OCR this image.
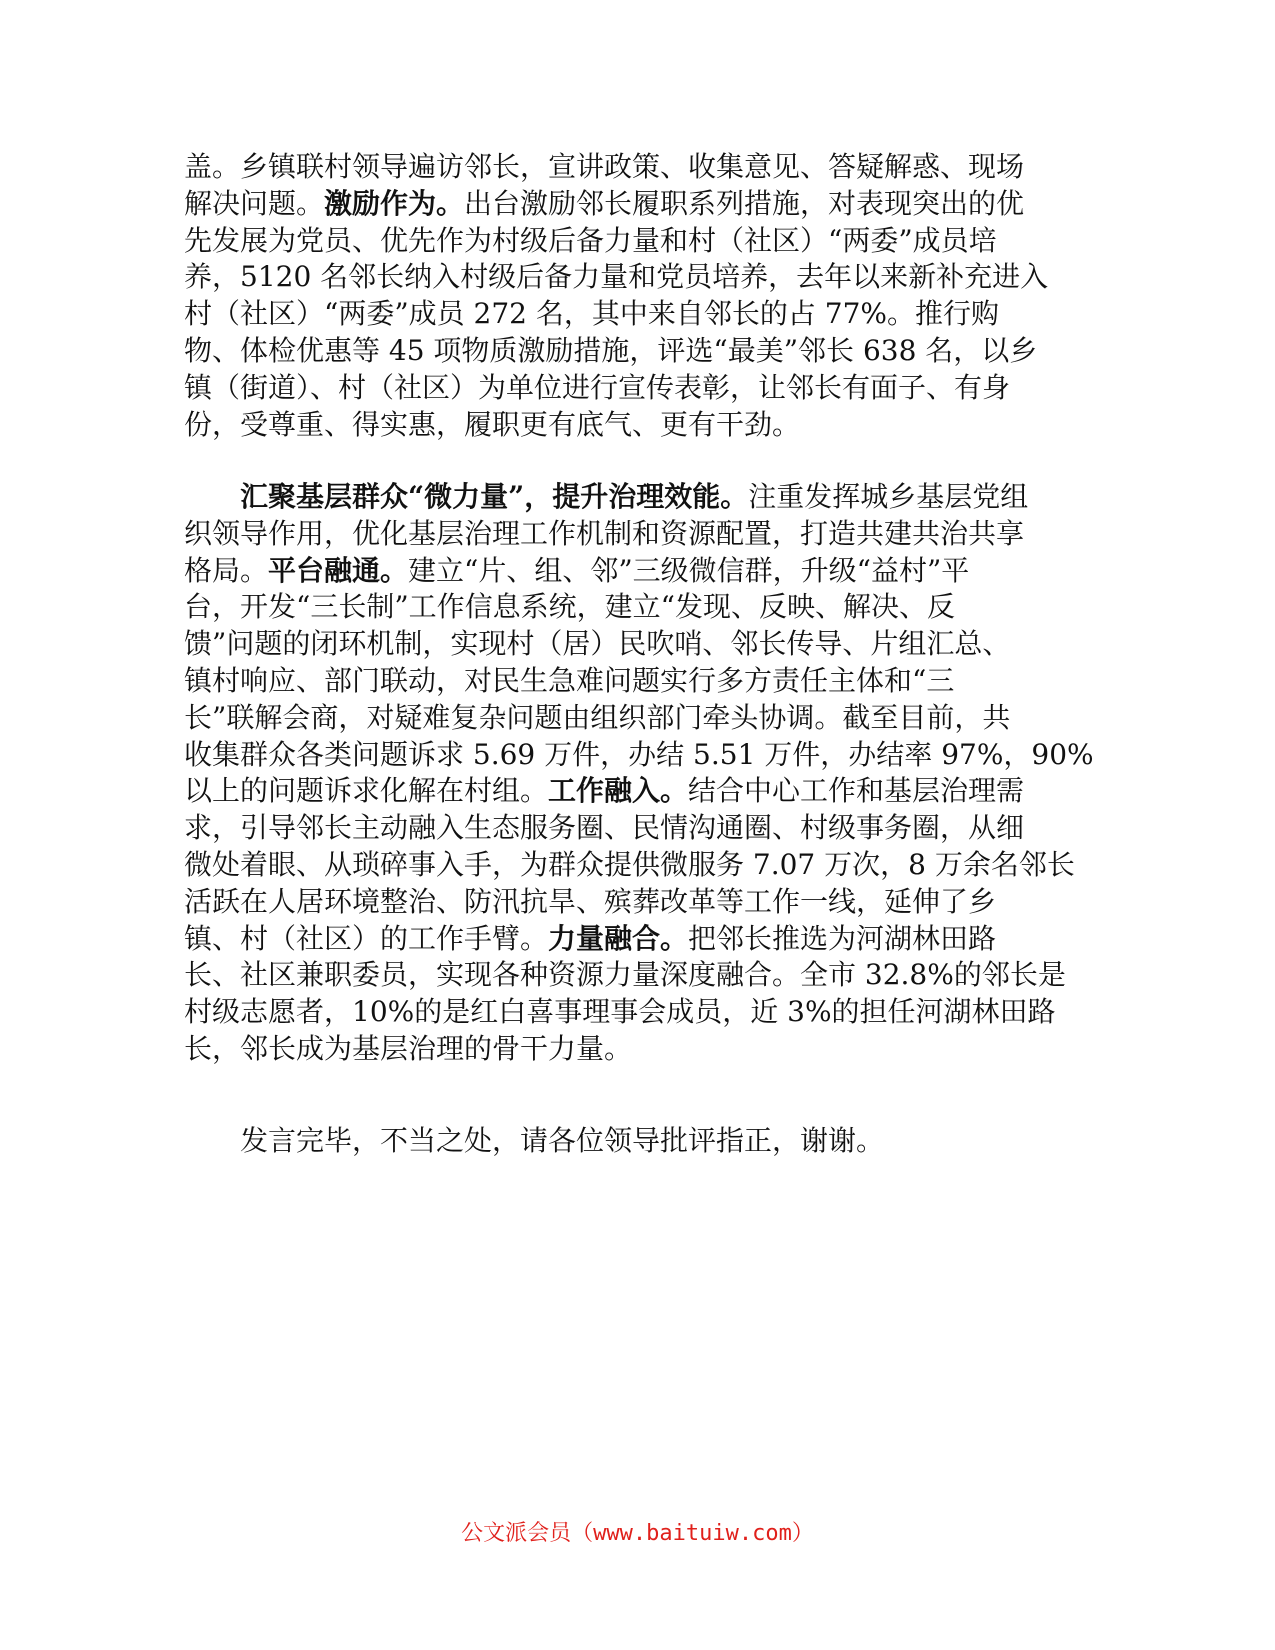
盖。乡镇联村领导遍访邻长，宣讲政策、收集意见、答疑解惑、现场
解决问题。激励作为。出台激励邻长履职系列措施，对表现突出的优
先发展为党员、优先作为村级后备力量和村（社区）“两委”成员培
养，5120 名邻长纳入村级后备力量和党员培养，去年以来新补充进入
村（社区）“两委”成员 272 名，其中来自邻长的占 77%。推行购
物、体检优惠等 45 项物质激励措施，评选“最美”邻长 638 名，以乡
镇（街道）、村（社区）为单位进行宣传表彰，让邻长有面子、有身
份，受尊重、得实惠，履职更有底气、更有干劲。
汇聚基层群众“微力量”，提升治理效能。注重发挥城乡基层党组
织领导作用，优化基层治理工作机制和资源配置，打造共建共治共享
格局。平台融通。建立“片、组、邻”三级微信群，升级“益村”平
台，开发“三长制”工作信息系统，建立“发现、反映、解决、反
馈”问题的闭环机制，实现村（居）民吹哨、邻长传导、片组汇总、
镇村响应、部门联动，对民生急难问题实行多方责任主体和“三
长”联解会商，对疑难复杂问题由组织部门牵头协调。截至目前，共
收集群众各类问题诉求 5.69 万件，办结 5.51 万件，办结率 97%，90%
以上的问题诉求化解在村组。工作融入。结合中心工作和基层治理需
求，引导邻长主动融入生态服务圈、民情沟通圈、村级事务圈，从细
微处着眼、从琐碎事入手，为群众提供微服务 7.07 万次，8 万余名邻长
活跃在人居环境整治、防汛抗旱、殡葬改革等工作一线，延伸了乡
镇、村（社区）的工作手臂。力量融合。把邻长推选为河湖林田路
长、社区兼职委员，实现各种资源力量深度融合。全市 32.8%的邻长是
村级志愿者，10%的是红白喜事理事会成员，近 3%的担任河湖林田路
长，邻长成为基层治理的骨干力量。
发言完毕，不当之处，请各位领导批评指正，谢谢。
公文派会员（www.baituiw.com）
